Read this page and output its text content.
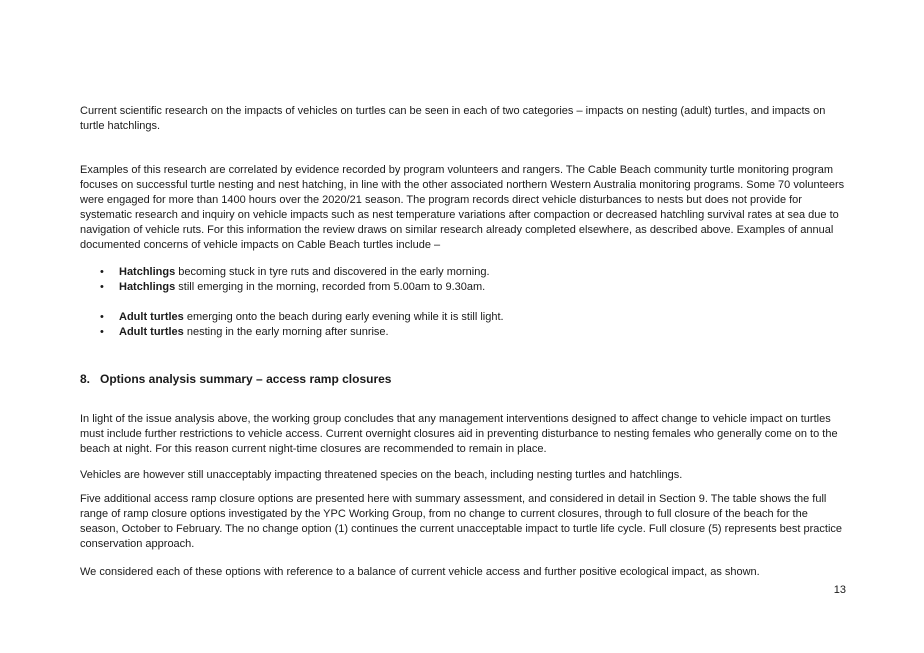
Current scientific research on the impacts of vehicles on turtles can be seen in each of two categories – impacts on nesting (adult) turtles, and impacts on turtle hatchlings.

Examples of this research are correlated by evidence recorded by program volunteers and rangers. The Cable Beach community turtle monitoring program focuses on successful turtle nesting and nest hatching, in line with the other associated northern Western Australia monitoring programs. Some 70 volunteers were engaged for more than 1400 hours over the 2020/21 season. The program records direct vehicle disturbances to nests but does not provide for systematic research and inquiry on vehicle impacts such as nest temperature variations after compaction or decreased hatchling survival rates at sea due to navigation of vehicle ruts. For this information the review draws on similar research already completed elsewhere, as described above. Examples of annual documented concerns of vehicle impacts on Cable Beach turtles include –

• Hatchlings becoming stuck in tyre ruts and discovered in the early morning.
• Hatchlings still emerging in the morning, recorded from 5.00am to 9.30am.
• Adult turtles emerging onto the beach during early evening while it is still light.
• Adult turtles nesting in the early morning after sunrise.
8. Options analysis summary – access ramp closures

In light of the issue analysis above, the working group concludes that any management interventions designed to affect change to vehicle impact on turtles must include further restrictions to vehicle access. Current overnight closures aid in preventing disturbance to nesting females who generally come on to the beach at night. For this reason current night-time closures are recommended to remain in place.

Vehicles are however still unacceptably impacting threatened species on the beach, including nesting turtles and hatchlings.

Five additional access ramp closure options are presented here with summary assessment, and considered in detail in Section 9. The table shows the full range of ramp closure options investigated by the YPC Working Group, from no change to current closures, through to full closure of the beach for the season, October to February. The no change option (1) continues the current unacceptable impact to turtle life cycle. Full closure (5) represents best practice conservation approach.

We considered each of these options with reference to a balance of current vehicle access and further positive ecological impact, as shown.

13
